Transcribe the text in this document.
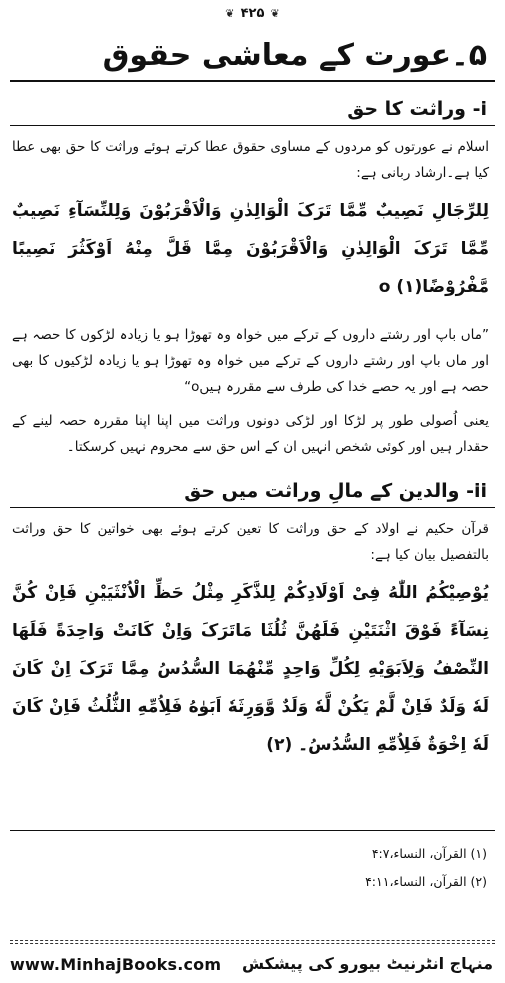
❦ ۴۲۵ ❦
۵۔عورت کے معاشی حقوق
i- وراثت کا حق
اسلام نے عورتوں کو مردوں کے مساوی حقوق عطا کرتے ہوئے وراثت کا حق بھی عطا کیا ہے۔ارشاد ربانی ہے:
لِلرِّجَالِ نَصِیبٌ مِّمَّا تَرَکَ الْوَالِدٰنِ وَالْاَقْرَبُوْنَ وَلِلنِّسَآءِ نَصِیبٌ مِّمَّا تَرَکَ الْوَالِدٰنِ وَالْاَقْرَبُوْنَ مِمَّا قَلَّ مِنْهُ اَوْکَثُرَ نَصِیبًا مَّفْرُوْضًاo (۱)
”ماں باپ اور رشتے داروں کے ترکے میں خواہ وہ تھوڑا ہو یا زیادہ لڑکوں کا حصہ ہے اور ماں باپ اور رشتے داروں کے ترکے میں خواہ وہ تھوڑا ہو یا زیادہ لڑکیوں کا بھی حصہ ہے اور یہ حصے خدا کی طرف سے مقررہ ہیںo“
یعنی اُصولی طور پر لڑکا اور لڑکی دونوں وراثت میں اپنا اپنا مقررہ حصہ لینے کے حقدار ہیں اور کوئی شخص انہیں ان کے اس حق سے محروم نہیں کرسکتا۔
ii- والدین کے مالِ وراثت میں حق
قرآن حکیم نے اولاد کے حق وراثت کا تعین کرتے ہوئے بھی خواتین کا حق وراثت بالتفصیل بیان کیا ہے:
یُوْصِیْکُمُ اللّٰهُ فِیْ اَوْلَادِکُمْ لِلذَّکَرِ مِثْلُ حَظِّ الْاُنْثَیَیْنِ فَاِنْ کُنَّ نِسَآءً فَوْقَ اثْنَتَیْنِ فَلَهُنَّ ثُلُثَا مَاتَرَکَ وَاِنْ کَانَتْ وَاحِدَةً فَلَهَا النِّصْفُ وَلِاَبَوَیْهِ لِکُلِّ وَاحِدٍ مِّنْهُمَا السُّدُسُ مِمَّا تَرَکَ اِنْ کَانَ لَهٗ وَلَدٌ فَاِنْ لَّمْ یَکُنْ لَّهٗ وَلَدٌ وَّوَرِثَهٗ اَبَوٰهُ فَلِاُمِّهِ الثُّلُثُ فَاِنْ کَانَ لَهٗ اِخْوَةٌ فَلِاُمِّهِ السُّدُسُ۔ (۲)
(۱) القرآن، النساء،۴:۷
(۲) القرآن، النساء،۴:۱۱
www.MinhajBooks.com منہاج انٹرنیٹ بیورو کی پیشکش
